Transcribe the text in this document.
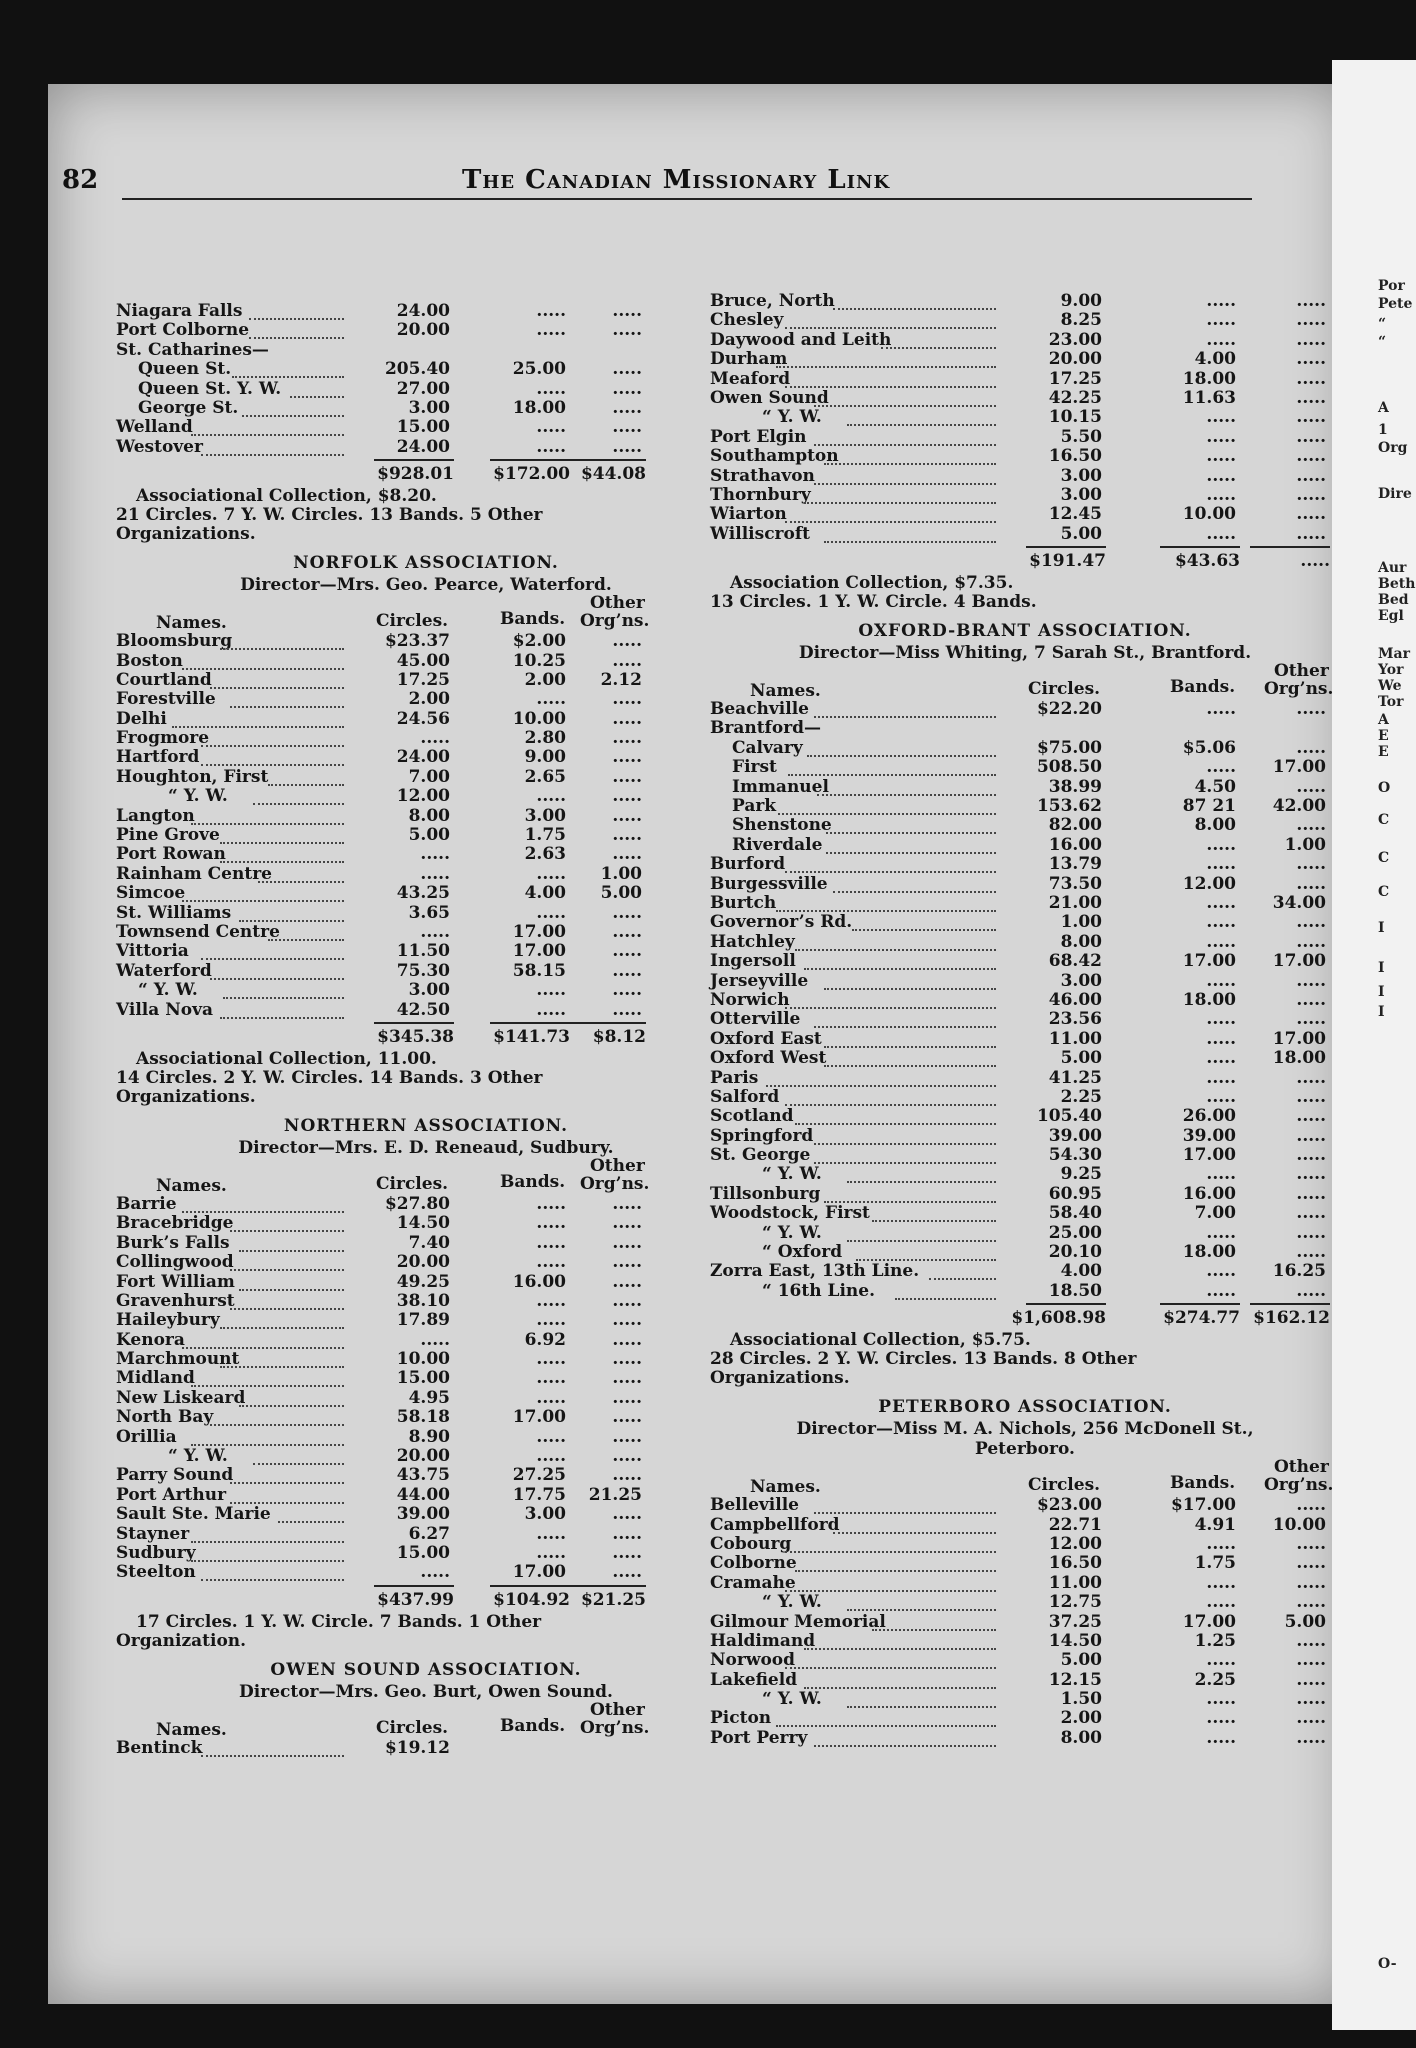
Por
Pete
“
“
A
1
Org
Dire
Aur
Beth
Bed
Egl
Mar
Yor
We
Tor
A
E
E
O
C
C
C
I
I
I
I
O-
82	The Canadian Missionary Link
Niagara Falls	24.00	.....	.....
Port Colborne	20.00	.....	.....
St. Catharines—
Queen St.	205.40	25.00	.....
Queen St. Y. W.	27.00	.....	.....
George St.	3.00	18.00	.....
Welland	15.00	.....	.....
Westover	24.00	.....	.....
$928.01	$172.00 $44.08
Associational Collection, $8.20.
21 Circles. 7 Y. W. Circles. 13 Bands. 5 Other
Organizations.
NORFOLK ASSOCIATION.
Director—Mrs. Geo. Pearce, Waterford.
Names.	Circles.	Bands.
Other
Org’ns.
Bloomsburg	$23.37	$2.00	.....
Boston	45.00	10.25	.....
Courtland	17.25	2.00	2.12
Forestville	2.00	.....	.....
Delhi	24.56	10.00	.....
Frogmore	.....	2.80	.....
Hartford	24.00	9.00	.....
Houghton, First	7.00	2.65	.....
“ Y. W.	12.00	.....	.....
Langton	8.00	3.00	.....
Pine Grove	5.00	1.75	.....
Port Rowan	.....	2.63	.....
Rainham Centre	.....	.....	1.00
Simcoe	43.25	4.00	5.00
St. Williams	3.65	.....	.....
Townsend Centre	.....	17.00	.....
Vittoria	11.50	17.00	.....
Waterford	75.30	58.15	.....
“ Y. W.	3.00	.....	.....
Villa Nova	42.50	.....	.....
$345.38	$141.73	$8.12
Associational Collection, 11.00.
14 Circles. 2 Y. W. Circles. 14 Bands. 3 Other
Organizations.
NORTHERN ASSOCIATION.
Director—Mrs. E. D. Reneaud, Sudbury.
Names.	Circles.	Bands.
Other
Org’ns.
Barrie	$27.80	.....	.....
Bracebridge	14.50	.....	.....
Burk’s Falls	7.40	.....	.....
Collingwood	20.00	.....	.....
Fort William	49.25	16.00	.....
Gravenhurst	38.10	.....	.....
Haileybury	17.89	.....	.....
Kenora	.....	6.92	.....
Marchmount	10.00	.....	.....
Midland	15.00	.....	.....
New Liskeard	4.95	.....	.....
North Bay	58.18	17.00	.....
Orillia	8.90	.....	.....
“ Y. W.	20.00	.....	.....
Parry Sound	43.75	27.25	.....
Port Arthur	44.00	17.75	21.25
Sault Ste. Marie	39.00	3.00	.....
Stayner	6.27	.....	.....
Sudbury	15.00	.....	.....
Steelton	.....	17.00	.....
$437.99	$104.92 $21.25
17 Circles. 1 Y. W. Circle. 7 Bands. 1 Other
Organization.
OWEN SOUND ASSOCIATION.
Director—Mrs. Geo. Burt, Owen Sound.
Names.	Circles.	Bands.
Other
Org’ns.
Bentinck	$19.12
Bruce, North	9.00	.....	.....
Chesley	8.25	.....	.....
Daywood and Leith	23.00	.....	.....
Durham	20.00	4.00	.....
Meaford	17.25	18.00	.....
Owen Sound	42.25	11.63	.....
“ Y. W.	10.15	.....	.....
Port Elgin	5.50	.....	.....
Southampton	16.50	.....	.....
Strathavon	3.00	.....	.....
Thornbury	3.00	.....	.....
Wiarton	12.45	10.00	.....
Williscroft	5.00	.....	.....
$191.47	$43.63	.....
Association Collection, $7.35.
13 Circles. 1 Y. W. Circle. 4 Bands.
OXFORD-BRANT ASSOCIATION.
Director—Miss Whiting, 7 Sarah St., Brantford.
Names.	Circles.	Bands.
Other
Org’ns.
Beachville	$22.20	.....	.....
Brantford—
Calvary	$75.00	$5.06	.....
First	508.50	.....	17.00
Immanuel	38.99	4.50	.....
Park	153.62	87 21	42.00
Shenstone	82.00	8.00	.....
Riverdale	16.00	.....	1.00
Burford	13.79	.....	.....
Burgessville	73.50	12.00	.....
Burtch	21.00	.....	34.00
Governor’s Rd.	1.00	.....	.....
Hatchley	8.00	.....	.....
Ingersoll	68.42	17.00	17.00
Jerseyville	3.00	.....	.....
Norwich	46.00	18.00	.....
Otterville	23.56	.....	.....
Oxford East	11.00	.....	17.00
Oxford West	5.00	.....	18.00
Paris	41.25	.....	.....
Salford	2.25	.....	.....
Scotland	105.40	26.00	.....
Springford	39.00	39.00	.....
St. George	54.30	17.00	.....
“ Y. W.	9.25	.....	.....
Tillsonburg	60.95	16.00	.....
Woodstock, First	58.40	7.00	.....
“ Y. W.	25.00	.....	.....
“ Oxford	20.10	18.00	.....
Zorra East, 13th Line.	4.00	.....	16.25
“ 16th Line.	18.50	.....	.....
$1,608.98	$274.77 $162.12
Associational Collection, $5.75.
28 Circles. 2 Y. W. Circles. 13 Bands. 8 Other
Organizations.
PETERBORO ASSOCIATION.
Director—Miss M. A. Nichols, 256 McDonell St.,
Peterboro.
Names.	Circles.	Bands.
Other
Org’ns.
Belleville	$23.00	$17.00	.....
Campbellford	22.71	4.91	10.00
Cobourg	12.00	.....	.....
Colborne	16.50	1.75	.....
Cramahe	11.00	.....	.....
“ Y. W.	12.75	.....	.....
Gilmour Memorial	37.25	17.00	5.00
Haldimand	14.50	1.25	.....
Norwood	5.00	.....	.....
Lakefield	12.15	2.25	.....
“ Y. W.	1.50	.....	.....
Picton	2.00	.....	.....
Port Perry	8.00	.....	.....
